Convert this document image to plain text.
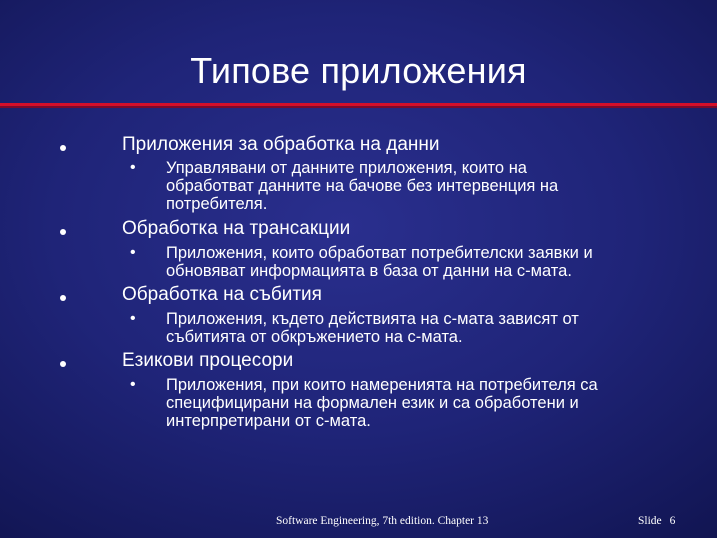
Типове приложения
Приложения за обработка на данни
• Управлявани от данните приложения, които на
обработват данните на бачове без интервенция на
потребителя.
Обработка на трансакции
• Приложения, които обработват потребителски заявки и
обновяват информацията в база от данни на с-мата.
Обработка на събития
• Приложения, където действията на с-мата зависят от
събитията от обкръжението на с-мата.
Езикови процесори
• Приложения, при които намеренията на потребителя са
специфицирани на формален език и са обработени и
интерпретирани от с-мата.
Software Engineering, 7th edition. Chapter 13	Slide 6
